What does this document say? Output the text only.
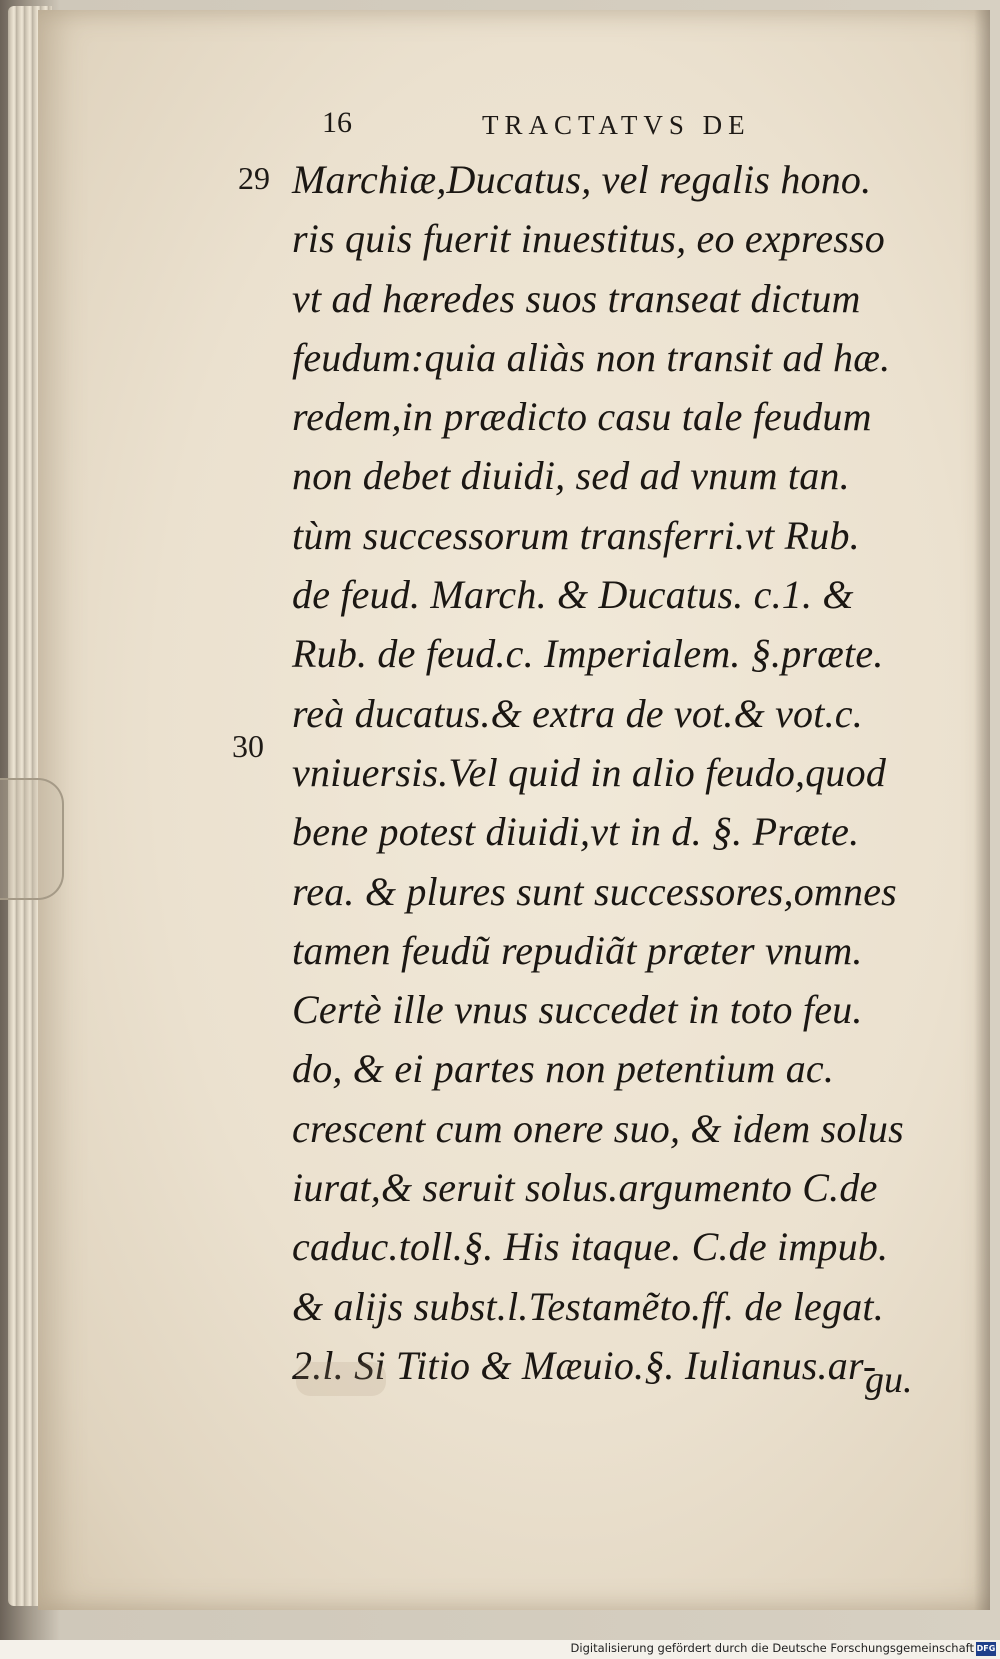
16	TRACTATVS DE
29
30
Marchiæ,Ducatus, vel regalis hono.
ris quis fuerit inuestitus, eo expresso
vt ad hæredes suos transeat dictum
feudum:quia aliàs non transit ad hæ.
redem,in prædicto casu tale feudum
non debet diuidi, sed ad vnum tan.
tùm successorum transferri.vt Rub.
de feud. March. & Ducatus. c.1. &
Rub. de feud.c. Imperialem. §.præte.
reà ducatus.& extra de vot.& vot.c.
vniuersis.Vel quid in alio feudo,quod
bene potest diuidi,vt in d. §. Præte.
rea. & plures sunt successores,omnes
tamen feudũ repudiãt præter vnum.
Certè ille vnus succedet in toto feu.
do, & ei partes non petentium ac.
crescent cum onere suo, & idem solus
iurat,& seruit solus.argumento C.de
caduc.toll.§. His itaque. C.de impub.
& alijs subst.l.Testamẽto.ff. de legat.
2.l. Si Titio & Mæuio.§. Iulianus.ar-
gu.
Digitalisierung gefördert durch die Deutsche Forschungsgemeinschaft DFG
